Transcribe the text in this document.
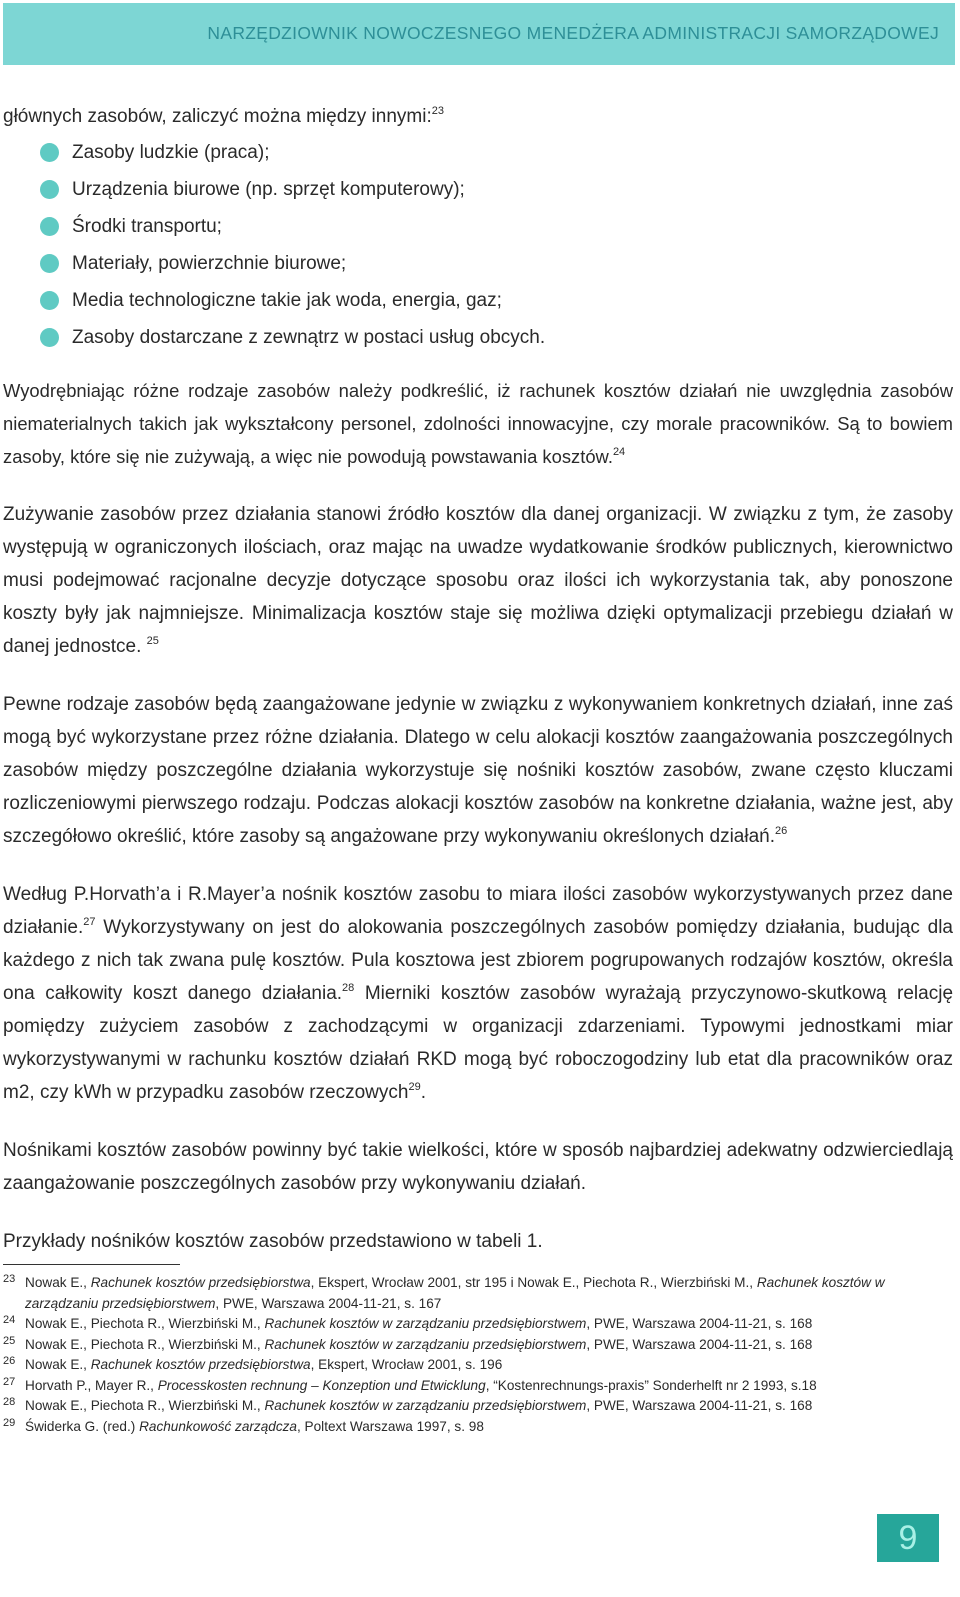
NARZĘDZIOWNIK NOWOCZESNEGO MENEDŻERA ADMINISTRACJI SAMORZĄDOWEJ

głównych zasobów, zaliczyć można między innymi:$^{23}$

Zasoby ludzkie (praca);
Urządzenia biurowe (np. sprzęt komputerowy);
Środki transportu;
Materiały, powierzchnie biurowe;
Media technologiczne takie jak woda, energia, gaz;
Zasoby dostarczane z zewnątrz w postaci usług obcych.

Wyodrębniając różne rodzaje zasobów należy podkreślić, iż rachunek kosztów działań nie uwzględnia zasobów niematerialnych takich jak wykształcony personel, zdolności innowacyjne, czy morale pracowników. Są to bowiem zasoby, które się nie zużywają, a więc nie powodują powstawania kosztów.$^{24}$

Zużywanie zasobów przez działania stanowi źródło kosztów dla danej organizacji. W związku z tym, że zasoby występują w ograniczonych ilościach, oraz mając na uwadze wydatkowanie środków publicznych, kierownictwo musi podejmować racjonalne decyzje dotyczące sposobu oraz ilości ich wykorzystania tak, aby ponoszone koszty były jak najmniejsze. Minimalizacja kosztów staje się możliwa dzięki optymalizacji przebiegu działań w danej jednostce. $^{25}$

Pewne rodzaje zasobów będą zaangażowane jedynie w związku z wykonywaniem konkretnych działań, inne zaś mogą być wykorzystane przez różne działania. Dlatego w celu alokacji kosztów zaangażowania poszczególnych zasobów między poszczególne działania wykorzystuje się nośniki kosztów zasobów, zwane często kluczami rozliczeniowymi pierwszego rodzaju. Podczas alokacji kosztów zasobów na konkretne działania, ważne jest, aby szczegółowo określić, które zasoby są angażowane przy wykonywaniu określonych działań.$^{26}$

Według P.Horvath’a i R.Mayer’a nośnik kosztów zasobu to miara ilości zasobów wykorzystywanych przez dane działanie.$^{27}$ Wykorzystywany on jest do alokowania poszczególnych zasobów pomiędzy działania, budując dla każdego z nich tak zwana pulę kosztów. Pula kosztowa jest zbiorem pogrupowanych rodzajów kosztów, określa ona całkowity koszt danego działania.$^{28}$ Mierniki kosztów zasobów wyrażają przyczynowo-skutkową relację pomiędzy zużyciem zasobów z zachodzącymi w organizacji zdarzeniami. Typowymi jednostkami miar wykorzystywanymi w rachunku kosztów działań RKD mogą być roboczogodziny lub etat dla pracowników oraz m2, czy kWh w przypadku zasobów rzeczowych$^{29}$.

Nośnikami kosztów zasobów powinny być takie wielkości, które w sposób najbardziej adekwatny odzwierciedlają zaangażowanie poszczególnych zasobów przy wykonywaniu działań.

Przykłady nośników kosztów zasobów przedstawiono w tabeli 1.

23 Nowak E., Rachunek kosztów przedsiębiorstwa, Ekspert, Wrocław 2001, str 195 i Nowak E., Piechota R., Wierzbiński M., Rachunek kosztów w zarządzaniu przedsiębiorstwem, PWE, Warszawa 2004-11-21, s. 167
24 Nowak E., Piechota R., Wierzbiński M., Rachunek kosztów w zarządzaniu przedsiębiorstwem, PWE, Warszawa 2004-11-21, s. 168
25 Nowak E., Piechota R., Wierzbiński M., Rachunek kosztów w zarządzaniu przedsiębiorstwem, PWE, Warszawa 2004-11-21, s. 168
26 Nowak E., Rachunek kosztów przedsiębiorstwa, Ekspert, Wrocław 2001, s. 196
27 Horvath P., Mayer R., Processkosten rechnung – Konzeption und Etwicklung, “Kostenrechnungs-praxis” Sonderhelft nr 2 1993, s.18
28 Nowak E., Piechota R., Wierzbiński M., Rachunek kosztów w zarządzaniu przedsiębiorstwem, PWE, Warszawa 2004-11-21, s. 168
29 Świderka G. (red.) Rachunkowość zarządcza, Poltext Warszawa 1997, s. 98
9
